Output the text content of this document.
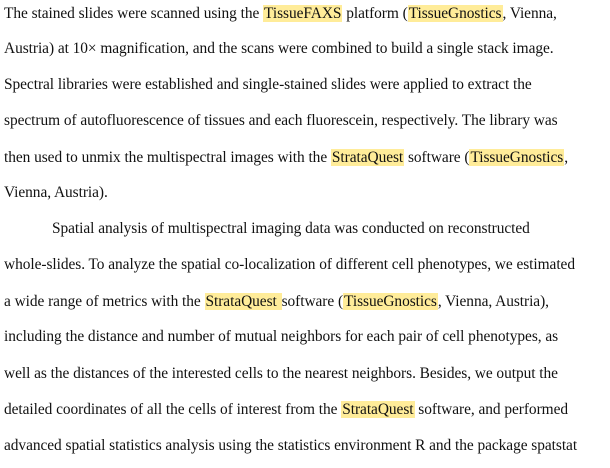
The stained slides were scanned using the TissueFAXS platform (TissueGnostics, Vienna,
Austria) at 10× magnification, and the scans were combined to build a single stack image.
Spectral libraries were established and single-stained slides were applied to extract the
spectrum of autofluorescence of tissues and each fluorescein, respectively. The library was
then used to unmix the multispectral images with the StrataQuest software (TissueGnostics,
Vienna, Austria).
Spatial analysis of multispectral imaging data was conducted on reconstructed
whole-slides. To analyze the spatial co-localization of different cell phenotypes, we estimated
a wide range of metrics with the StrataQuest software (TissueGnostics, Vienna, Austria),
including the distance and number of mutual neighbors for each pair of cell phenotypes, as
well as the distances of the interested cells to the nearest neighbors. Besides, we output the
detailed coordinates of all the cells of interest from the StrataQuest software, and performed
advanced spatial statistics analysis using the statistics environment R and the package spatstat
